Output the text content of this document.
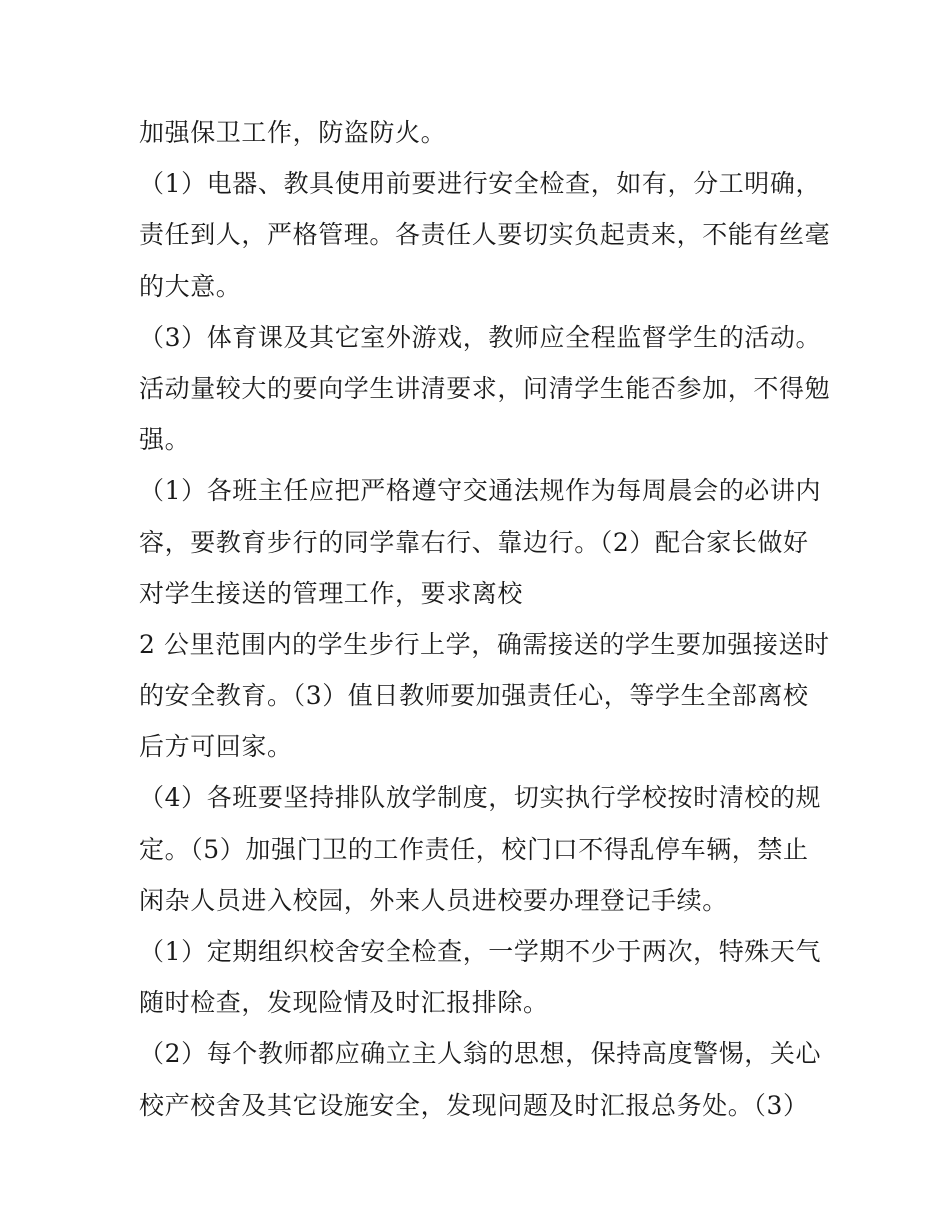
加强保卫工作，防盗防火。
（1）电器、教具使用前要进行安全检查，如有，分工明确，
责任到人，严格管理。各责任人要切实负起责来，不能有丝毫
的大意。
（3）体育课及其它室外游戏，教师应全程监督学生的活动。
活动量较大的要向学生讲清要求，问清学生能否参加，不得勉
强。
（1）各班主任应把严格遵守交通法规作为每周晨会的必讲内
容，要教育步行的同学靠右行、靠边行。（2）配合家长做好
对学生接送的管理工作，要求离校
2 公里范围内的学生步行上学，确需接送的学生要加强接送时
的安全教育。（3）值日教师要加强责任心，等学生全部离校
后方可回家。
（4）各班要坚持排队放学制度，切实执行学校按时清校的规
定。（5）加强门卫的工作责任，校门口不得乱停车辆，禁止
闲杂人员进入校园，外来人员进校要办理登记手续。
（1）定期组织校舍安全检查，一学期不少于两次，特殊天气
随时检查，发现险情及时汇报排除。
（2）每个教师都应确立主人翁的思想，保持高度警惕，关心
校产校舍及其它设施安全，发现问题及时汇报总务处。（3）
